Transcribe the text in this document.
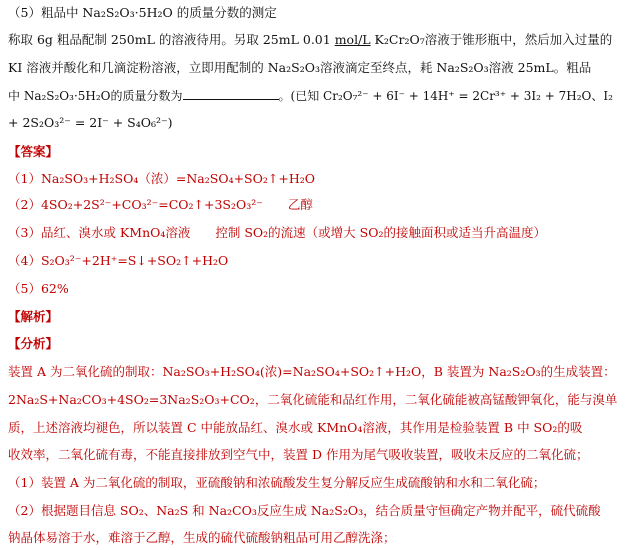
（5）粗品中 Na₂S₂O₃·5H₂O 的质量分数的测定
称取 6g 粗品配制 250mL 的溶液待用。另取 25mL 0.01 mol/L K₂Cr₂O₇溶液于锥形瓶中，然后加入过量的
KI 溶液并酸化和几滴淀粉溶液，立即用配制的 Na₂S₂O₃溶液滴定至终点，耗 Na₂S₂O₃溶液 25mL。粗品
中 Na₂S₂O₃·5H₂O的质量分数为	。(已知 Cr₂O₇²⁻ + 6I⁻ + 14H⁺ = 2Cr³⁺ + 3I₂ + 7H₂O、I₂
+ 2S₂O₃²⁻ = 2I⁻ + S₄O₆²⁻)
【答案】
（1）Na₂SO₃+H₂SO₄（浓）=Na₂SO₄+SO₂↑+H₂O
（2）4SO₂+2S²⁻+CO₃²⁻=CO₂↑+3S₂O₃²⁻　　乙醇
（3）品红、溴水或 KMnO₄溶液　　控制 SO₂的流速（或增大 SO₂的接触面积或适当升高温度）
（4）S₂O₃²⁻+2H⁺=S↓+SO₂↑+H₂O
（5）62%
【解析】
【分析】
装置 A 为二氧化硫的制取：Na₂SO₃+H₂SO₄(浓)=Na₂SO₄+SO₂↑+H₂O，B 装置为 Na₂S₂O₃的生成装置：
2Na₂S+Na₂CO₃+4SO₂=3Na₂S₂O₃+CO₂，二氧化硫能和品红作用，二氧化硫能被高锰酸钾氧化，能与溴单
质，上述溶液均褪色，所以装置 C 中能放品红、溴水或 KMnO₄溶液，其作用是检验装置 B 中 SO₂的吸
收效率，二氧化硫有毒，不能直接排放到空气中，装置 D 作用为尾气吸收装置，吸收未反应的二氧化硫；
（1）装置 A 为二氧化硫的制取，亚硫酸钠和浓硫酸发生复分解反应生成硫酸钠和水和二氧化硫；
（2）根据题目信息 SO₂、Na₂S 和 Na₂CO₃反应生成 Na₂S₂O₃，结合质量守恒确定产物并配平，硫代硫酸
钠晶体易溶于水，难溶于乙醇，生成的硫代硫酸钠粗品可用乙醇洗涤；
